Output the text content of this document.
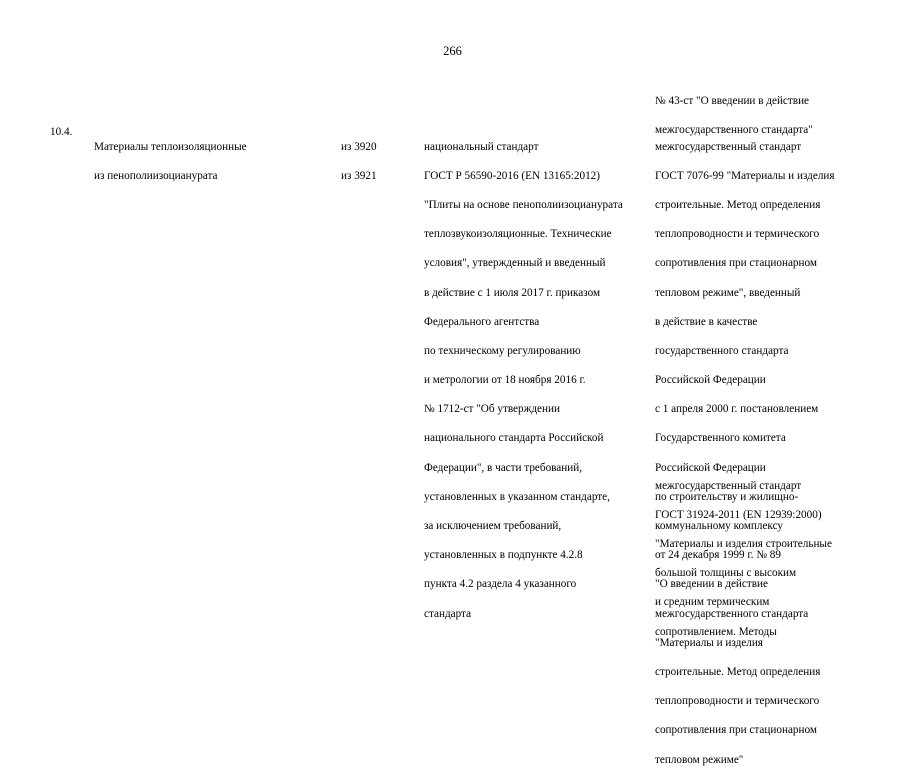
266

№ 43-ст "О введении в действие

межгосударственного стандарта"

10.4.

Материалы теплоизоляционные

из пенополиизоцианурата

из 3920

из 3921

национальный стандарт

ГОСТ Р 56590-2016 (EN 13165:2012)

"Плиты на основе пенополиизоцианурата

теплозвукоизоляционные. Технические

условия", утвержденный и введенный

в действие с 1 июля 2017 г. приказом

Федерального агентства

по техническому регулированию

и метрологии от 18 ноября 2016 г.

№ 1712-ст "Об утверждении

национального стандарта Российской

Федерации", в части требований,

установленных в указанном стандарте,

за исключением требований,

установленных в подпункте 4.2.8

пункта 4.2 раздела 4 указанного

стандарта

межгосударственный стандарт

ГОСТ 7076-99 "Материалы и изделия

строительные. Метод определения

теплопроводности и термического

сопротивления при стационарном

тепловом режиме", введенный

в действие в качестве

государственного стандарта

Российской Федерации

с 1 апреля 2000 г. постановлением

Государственного комитета

Российской Федерации

по строительству и жилищно-

коммунальному комплексу

от 24 декабря 1999 г. № 89

"О введении в действие

межгосударственного стандарта

"Материалы и изделия

строительные. Метод определения

теплопроводности и термического

сопротивления при стационарном

тепловом режиме"

межгосударственный стандарт

ГОСТ 31924-2011 (EN 12939:2000)

"Материалы и изделия строительные

большой толщины с высоким

и средним термическим

сопротивлением. Методы
